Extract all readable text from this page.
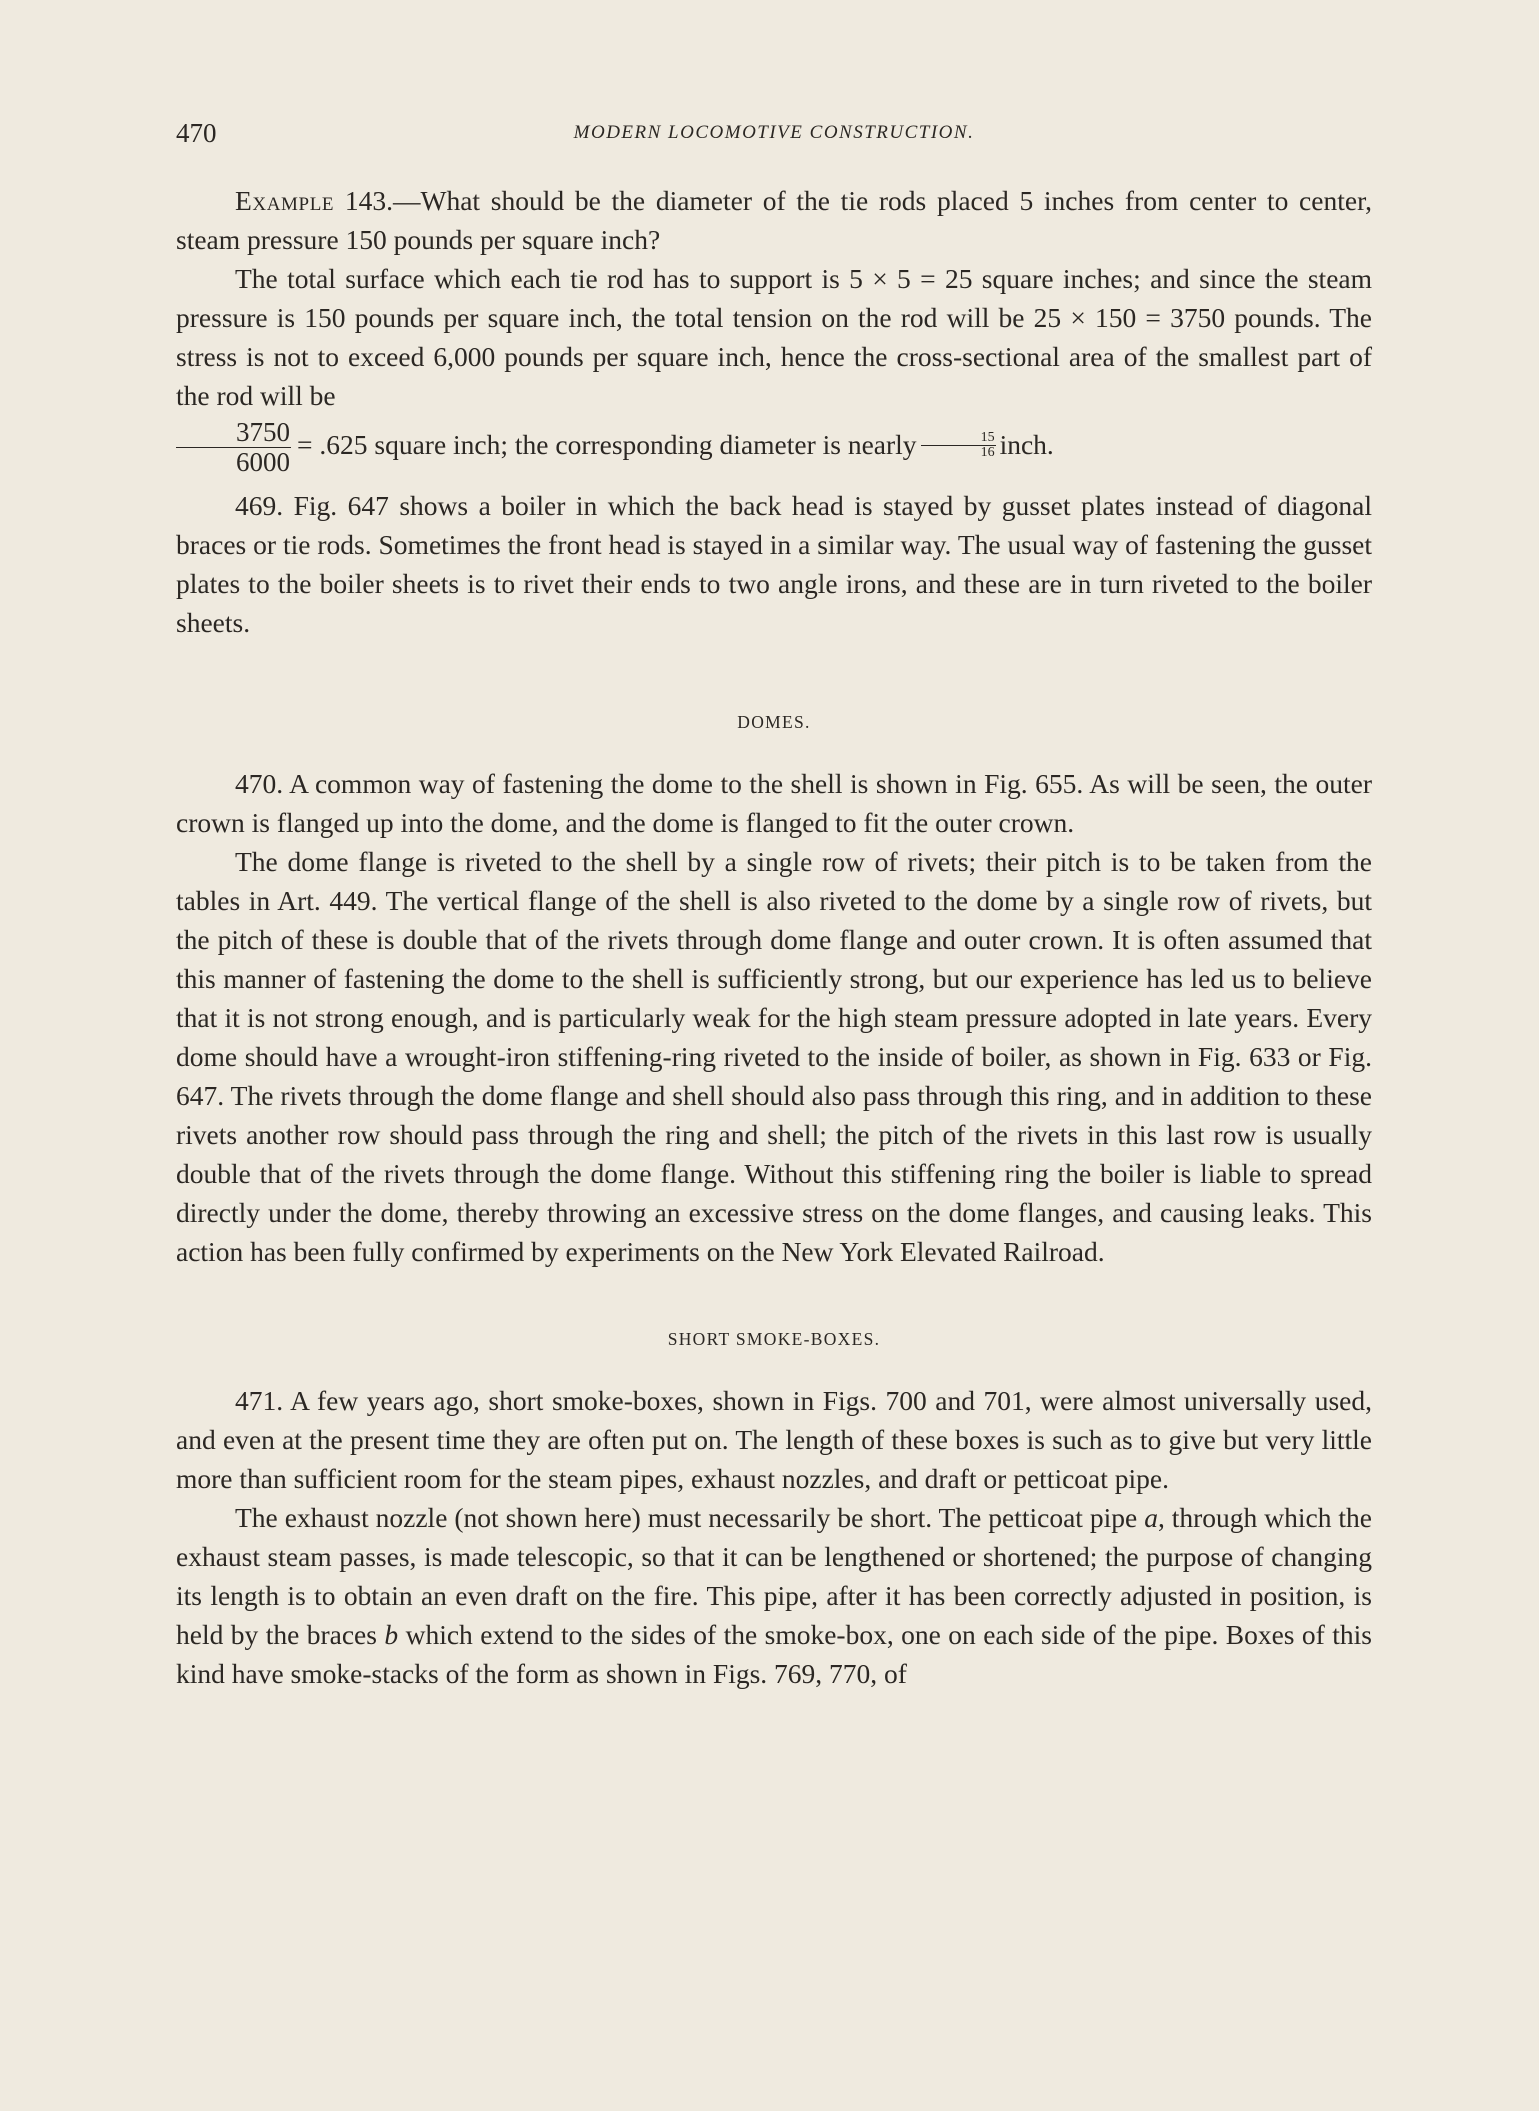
470	MODERN LOCOMOTIVE CONSTRUCTION.

Example 143.—What should be the diameter of the tie rods placed 5 inches from center to center, steam pressure 150 pounds per square inch?

The total surface which each tie rod has to support is 5 × 5 = 25 square inches; and since the steam pressure is 150 pounds per square inch, the total tension on the rod will be 25 × 150 = 3750 pounds. The stress is not to exceed 6,000 pounds per square inch, hence the cross-sectional area of the smallest part of the rod will be

$\frac{3750}{6000} = .625$ square inch; the corresponding diameter is nearly $\frac{15}{16}$ inch.

469. Fig. 647 shows a boiler in which the back head is stayed by gusset plates instead of diagonal braces or tie rods. Sometimes the front head is stayed in a similar way. The usual way of fastening the gusset plates to the boiler sheets is to rivet their ends to two angle irons, and these are in turn riveted to the boiler sheets.

DOMES.

470. A common way of fastening the dome to the shell is shown in Fig. 655. As will be seen, the outer crown is flanged up into the dome, and the dome is flanged to fit the outer crown.

The dome flange is riveted to the shell by a single row of rivets; their pitch is to be taken from the tables in Art. 449. The vertical flange of the shell is also riveted to the dome by a single row of rivets, but the pitch of these is double that of the rivets through dome flange and outer crown. It is often assumed that this manner of fastening the dome to the shell is sufficiently strong, but our experience has led us to believe that it is not strong enough, and is particularly weak for the high steam pressure adopted in late years. Every dome should have a wrought-iron stiffening-ring riveted to the inside of boiler, as shown in Fig. 633 or Fig. 647. The rivets through the dome flange and shell should also pass through this ring, and in addition to these rivets another row should pass through the ring and shell; the pitch of the rivets in this last row is usually double that of the rivets through the dome flange. Without this stiffening ring the boiler is liable to spread directly under the dome, thereby throwing an excessive stress on the dome flanges, and causing leaks. This action has been fully confirmed by experiments on the New York Elevated Railroad.

SHORT SMOKE-BOXES.

471. A few years ago, short smoke-boxes, shown in Figs. 700 and 701, were almost universally used, and even at the present time they are often put on. The length of these boxes is such as to give but very little more than sufficient room for the steam pipes, exhaust nozzles, and draft or petticoat pipe.

The exhaust nozzle (not shown here) must necessarily be short. The petticoat pipe a, through which the exhaust steam passes, is made telescopic, so that it can be lengthened or shortened; the purpose of changing its length is to obtain an even draft on the fire. This pipe, after it has been correctly adjusted in position, is held by the braces b which extend to the sides of the smoke-box, one on each side of the pipe. Boxes of this kind have smoke-stacks of the form as shown in Figs. 769, 770, of
